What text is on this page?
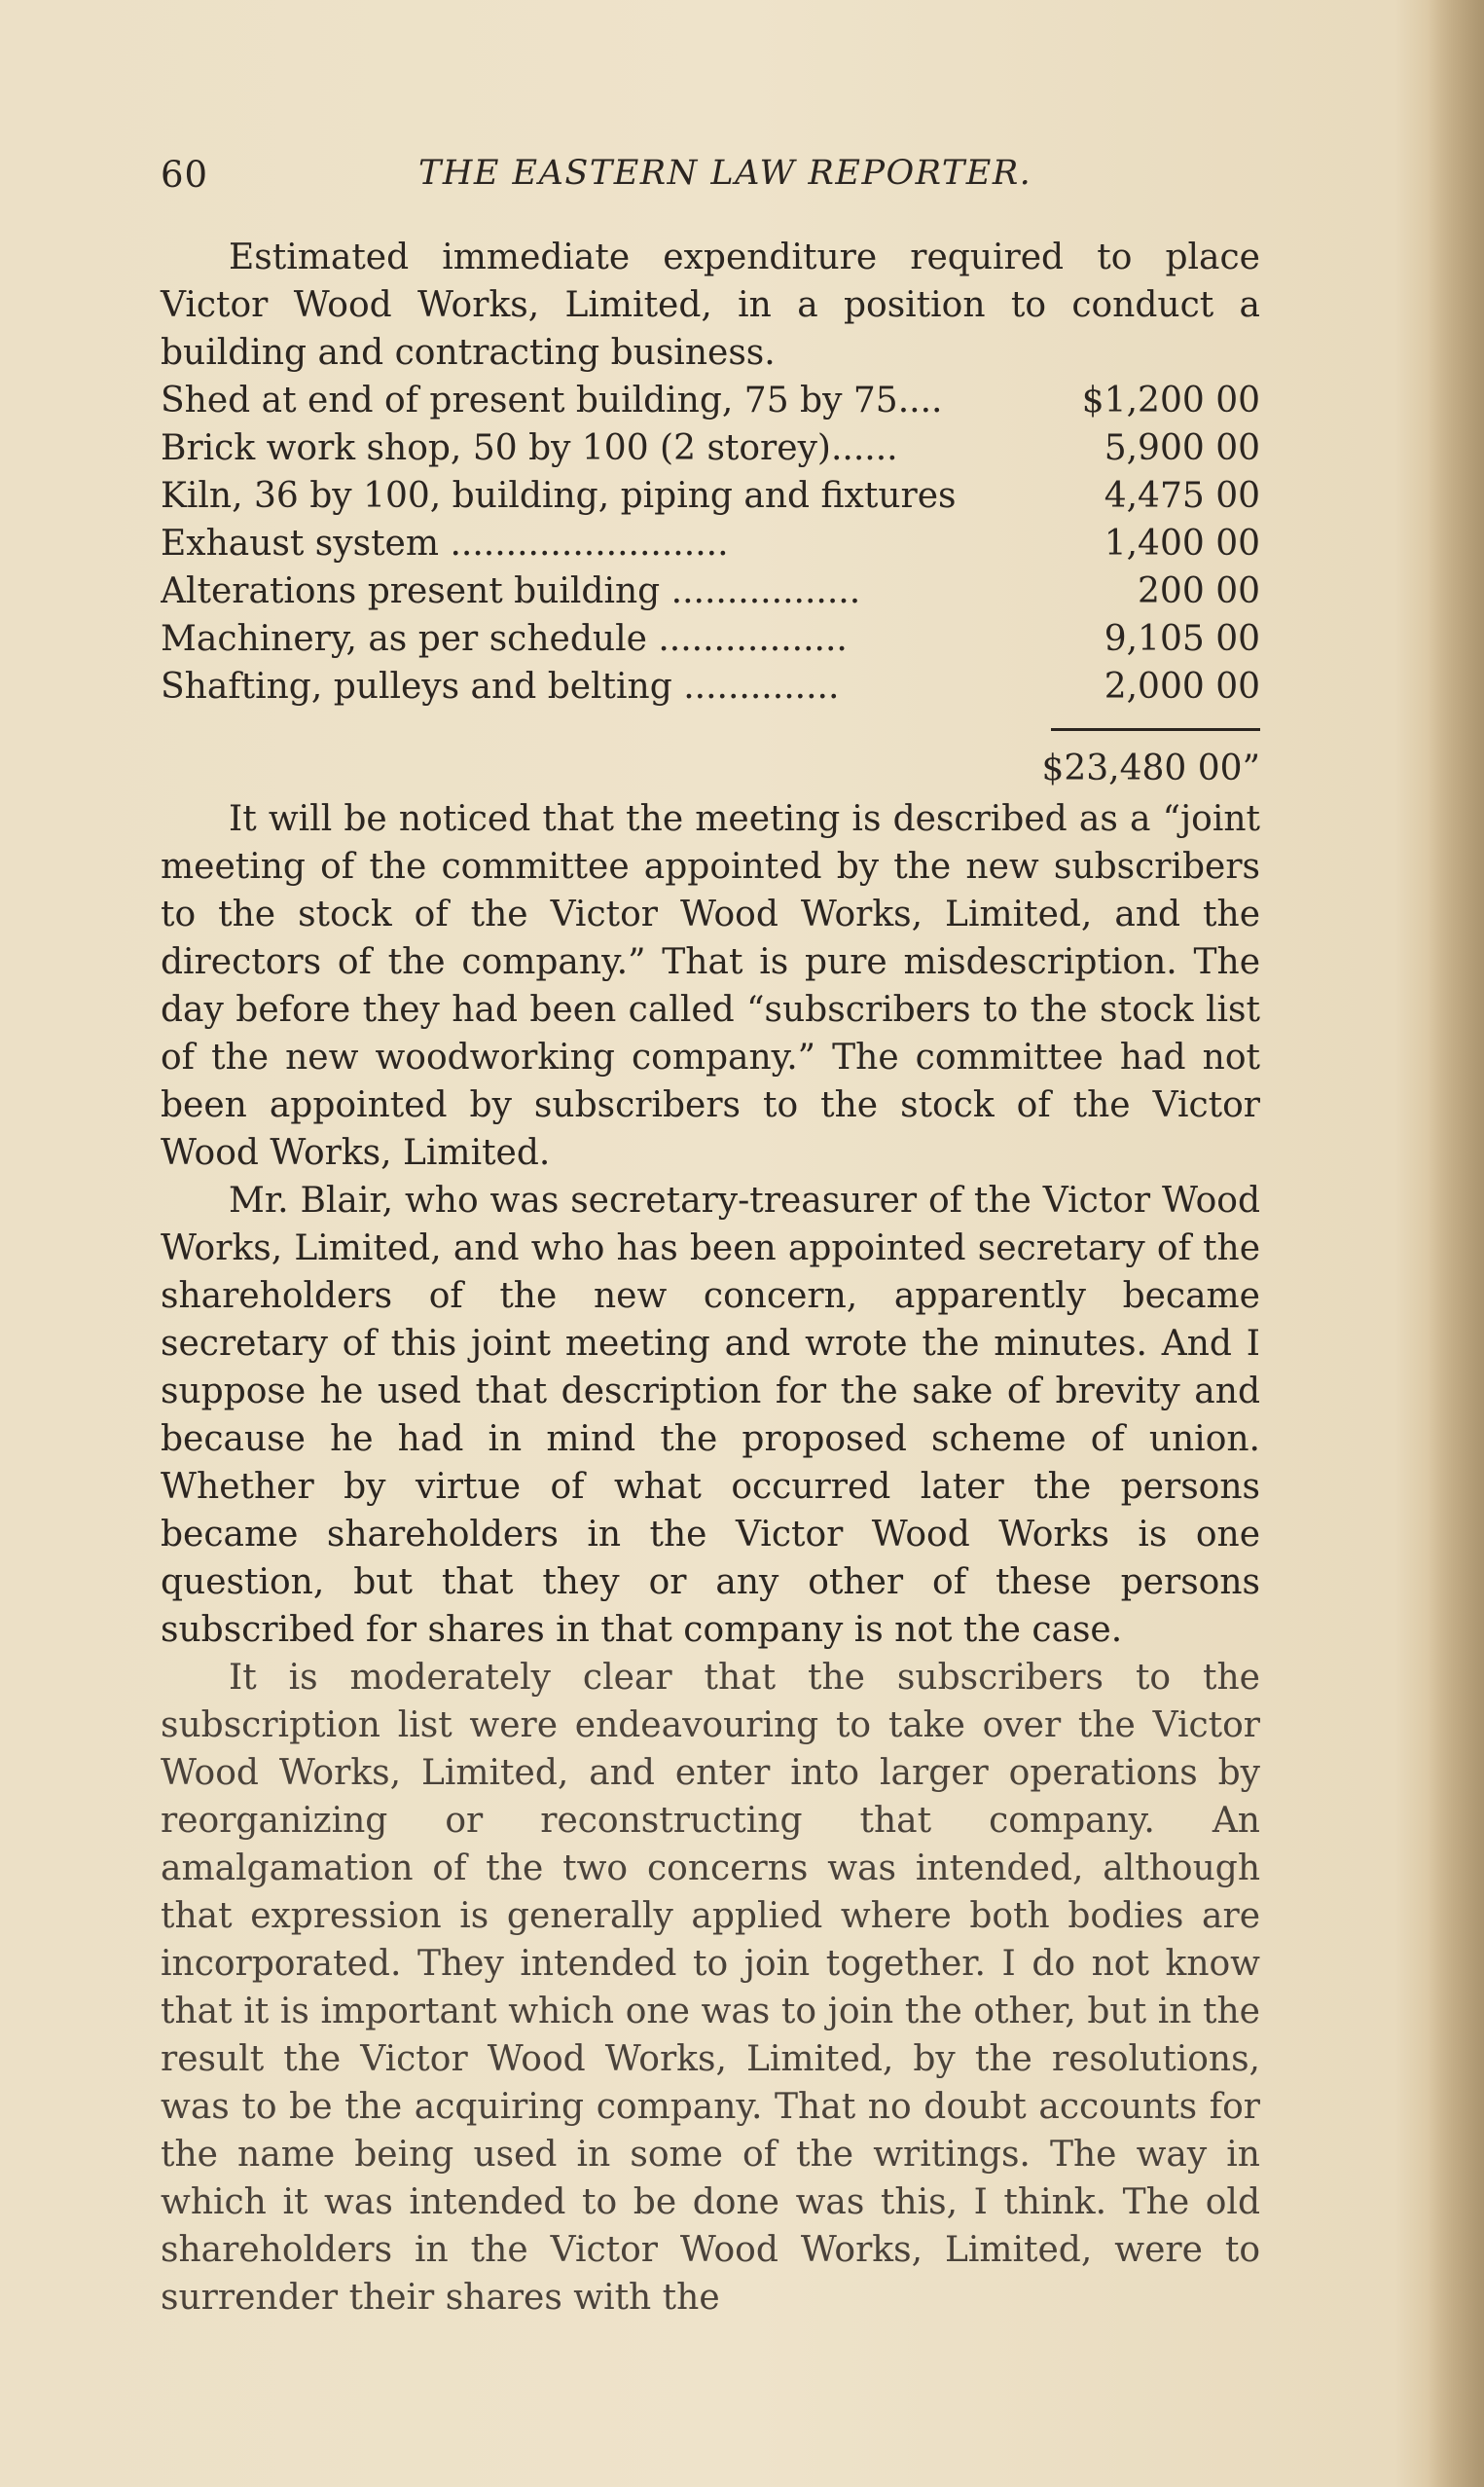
60	THE EASTERN LAW REPORTER.

Estimated immediate expenditure required to place Victor Wood Works, Limited, in a position to conduct a building and contracting business.

Shed at end of present building, 75 by 75....	$1,200 00
Brick work shop, 50 by 100 (2 storey)......	5,900 00
Kiln, 36 by 100, building, piping and fixtures	4,475 00
Exhaust system .........................	1,400 00
Alterations present building .................	200 00
Machinery, as per schedule .................	9,105 00
Shafting, pulleys and belting ..............	2,000 00
$23,480 00”

It will be noticed that the meeting is described as a “joint meeting of the committee appointed by the new subscribers to the stock of the Victor Wood Works, Limited, and the directors of the company.” That is pure misdescription. The day before they had been called “subscribers to the stock list of the new woodworking company.” The committee had not been appointed by subscribers to the stock of the Victor Wood Works, Limited.

Mr. Blair, who was secretary-treasurer of the Victor Wood Works, Limited, and who has been appointed secretary of the shareholders of the new concern, apparently became secretary of this joint meeting and wrote the minutes. And I suppose he used that description for the sake of brevity and because he had in mind the proposed scheme of union. Whether by virtue of what occurred later the persons became shareholders in the Victor Wood Works is one question, but that they or any other of these persons subscribed for shares in that company is not the case.

It is moderately clear that the subscribers to the subscription list were endeavouring to take over the Victor Wood Works, Limited, and enter into larger operations by reorganizing or reconstructing that company. An amalgamation of the two concerns was intended, although that expression is generally applied where both bodies are incorporated. They intended to join together. I do not know that it is important which one was to join the other, but in the result the Victor Wood Works, Limited, by the resolutions, was to be the acquiring company. That no doubt accounts for the name being used in some of the writings. The way in which it was intended to be done was this, I think. The old shareholders in the Victor Wood Works, Limited, were to surrender their shares with the
